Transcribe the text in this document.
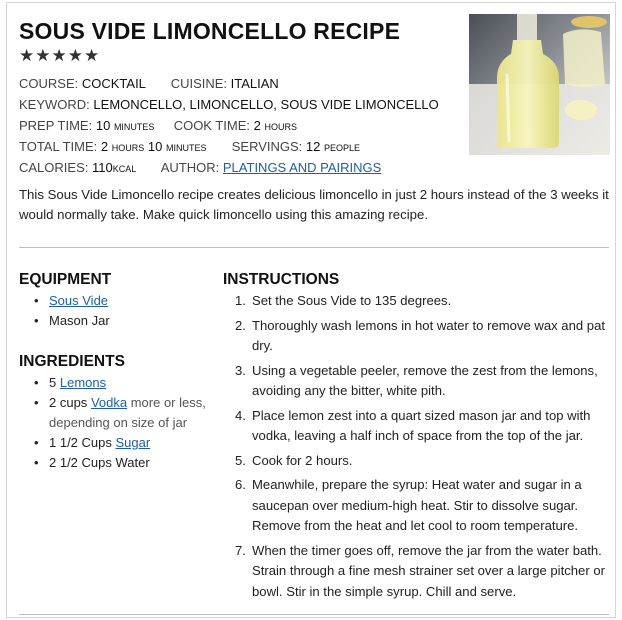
SOUS VIDE LIMONCELLO RECIPE
★ ★ ★ ★ ★
COURSE: COCKTAIL CUISINE: ITALIAN
KEYWORD: LEMONCELLO, LIMONCELLO, SOUS VIDE LIMONCELLO
PREP TIME: 10 minutes COOK TIME: 2 hours
TOTAL TIME: 2 hours 10 minutes SERVINGS: 12 people
CALORIES: 110kcal AUTHOR: PLATINGS AND PAIRINGS

This Sous Vide Limoncello recipe creates delicious limoncello in just 2 hours instead of the 3 weeks it would normally take. Make quick limoncello using this amazing recipe.

EQUIPMENT
• Sous Vide
• Mason Jar
INGREDIENTS
• 5 Lemons
• 2 cups Vodka more or less, depending on size of jar
• 1 1/2 Cups Sugar
• 2 1/2 Cups Water
INSTRUCTIONS
1. Set the Sous Vide to 135 degrees.
2. Thoroughly wash lemons in hot water to remove wax and pat dry.
3. Using a vegetable peeler, remove the zest from the lemons, avoiding any the bitter, white pith.
4. Place lemon zest into a quart sized mason jar and top with vodka, leaving a half inch of space from the top of the jar.
5. Cook for 2 hours.
6. Meanwhile, prepare the syrup: Heat water and sugar in a saucepan over medium-high heat. Stir to dissolve sugar. Remove from the heat and let cool to room temperature.
7. When the timer goes off, remove the jar from the water bath. Strain through a fine mesh strainer set over a large pitcher or bowl. Stir in the simple syrup. Chill and serve.
